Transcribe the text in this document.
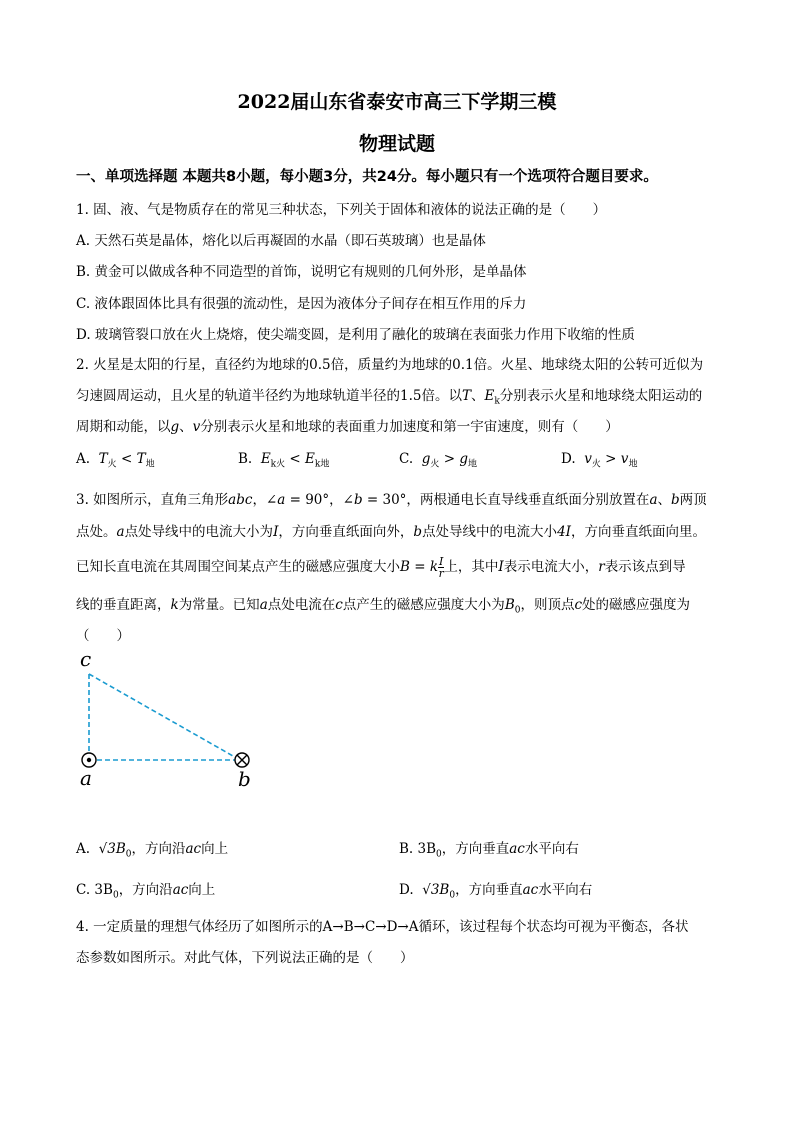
2022届山东省泰安市高三下学期三模
物理试题
一、单项选择题 本题共8小题，每小题3分，共24分。每小题只有一个选项符合题目要求。
1. 固、液、气是物质存在的常见三种状态，下列关于固体和液体的说法正确的是（　　）
A. 天然石英是晶体，熔化以后再凝固的水晶（即石英玻璃）也是晶体
B. 黄金可以做成各种不同造型的首饰，说明它有规则的几何外形，是单晶体
C. 液体跟固体比具有很强的流动性，是因为液体分子间存在相互作用的斥力
D. 玻璃管裂口放在火上烧熔，使尖端变圆，是利用了融化的玻璃在表面张力作用下收缩的性质
2. 火星是太阳的行星，直径约为地球的0.5倍，质量约为地球的0.1倍。火星、地球绕太阳的公转可近似为
匀速圆周运动，且火星的轨道半径约为地球轨道半径的1.5倍。以T、$E_k$分别表示火星和地球绕太阳运动的
周期和动能，以g、v分别表示火星和地球的表面重力加速度和第一宇宙速度，则有（　　）
A. $T_火 < T_地$	B. $E_{k火} < E_{k地}$	C. $g_火 > g_地$	D. $v_火 > v_地$
3. 如图所示，直角三角形abc，∠a = 90°，∠b = 30°，两根通电长直导线垂直纸面分别放置在a、b两顶
点处。a点处导线中的电流大小为I，方向垂直纸面向外，b点处导线中的电流大小4I，方向垂直纸面向里。
已知长直电流在其周围空间某点产生的磁感应强度大小B = k $\frac{I}{r}$ 上，其中I表示电流大小，r表示该点到导
线的垂直距离，k为常量。已知a点处电流在c点产生的磁感应强度大小为$B_0$，则顶点c处的磁感应强度为
（　　）
c
a	b
A. $√3B_0$，方向沿ac向上	B. $3B_0$，方向垂直ac水平向右
C. $3B_0$，方向沿ac向上	D. $√3B_0$，方向垂直ac水平向右
4. 一定质量的理想气体经历了如图所示的A→B→C→D→A循环，该过程每个状态均可视为平衡态，各状
态参数如图所示。对此气体，下列说法正确的是（　　）
